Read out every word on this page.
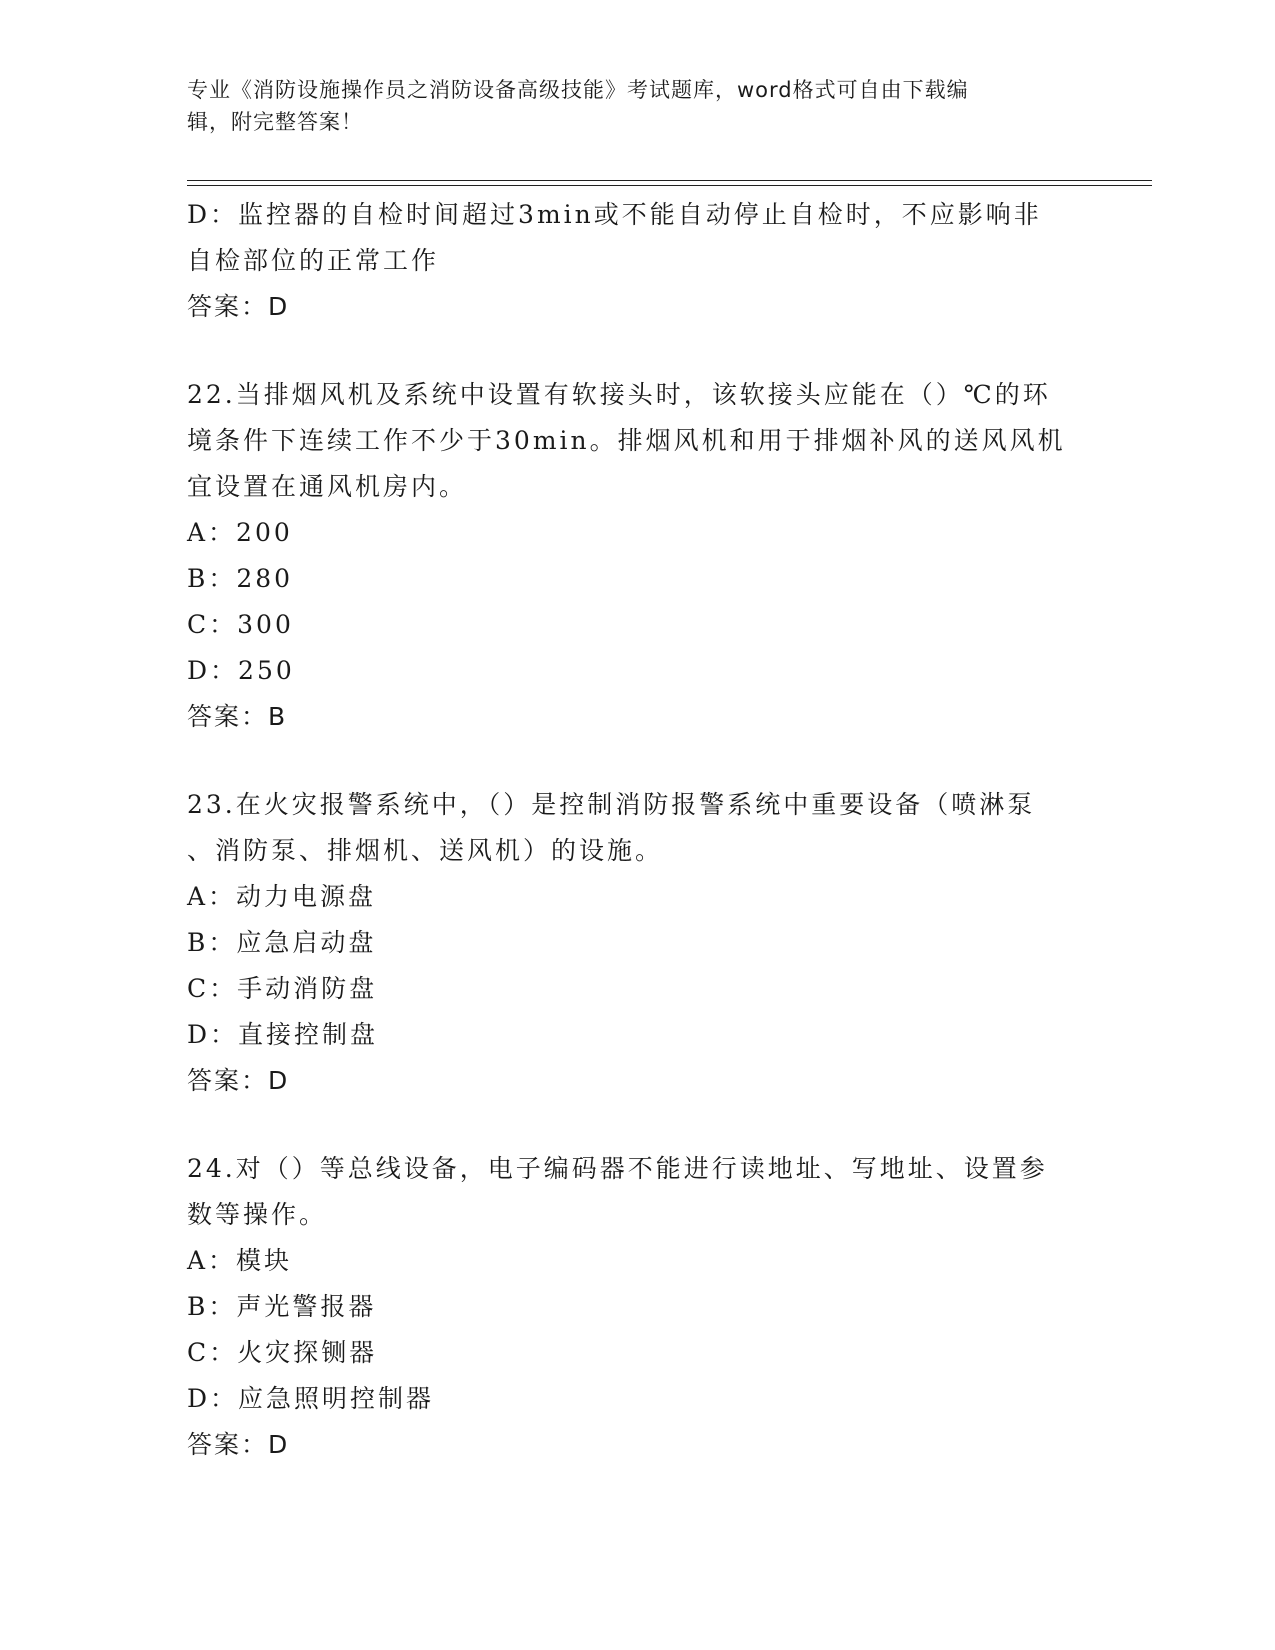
专业《消防设施操作员之消防设备高级技能》考试题库，word格式可自由下载编
辑，附完整答案！
D：监控器的自检时间超过3min或不能自动停止自检时，不应影响非
自检部位的正常工作
答案：D
22.当排烟风机及系统中设置有软接头时，该软接头应能在（）℃的环
境条件下连续工作不少于30min。排烟风机和用于排烟补风的送风风机
宜设置在通风机房内。
A：200
B：280
C：300
D：250
答案：B
23.在火灾报警系统中，（）是控制消防报警系统中重要设备（喷淋泵
、消防泵、排烟机、送风机）的设施。
A：动力电源盘
B：应急启动盘
C：手动消防盘
D：直接控制盘
答案：D
24.对（）等总线设备，电子编码器不能进行读地址、写地址、设置参
数等操作。
A：模块
B：声光警报器
C：火灾探铡器
D：应急照明控制器
答案：D
